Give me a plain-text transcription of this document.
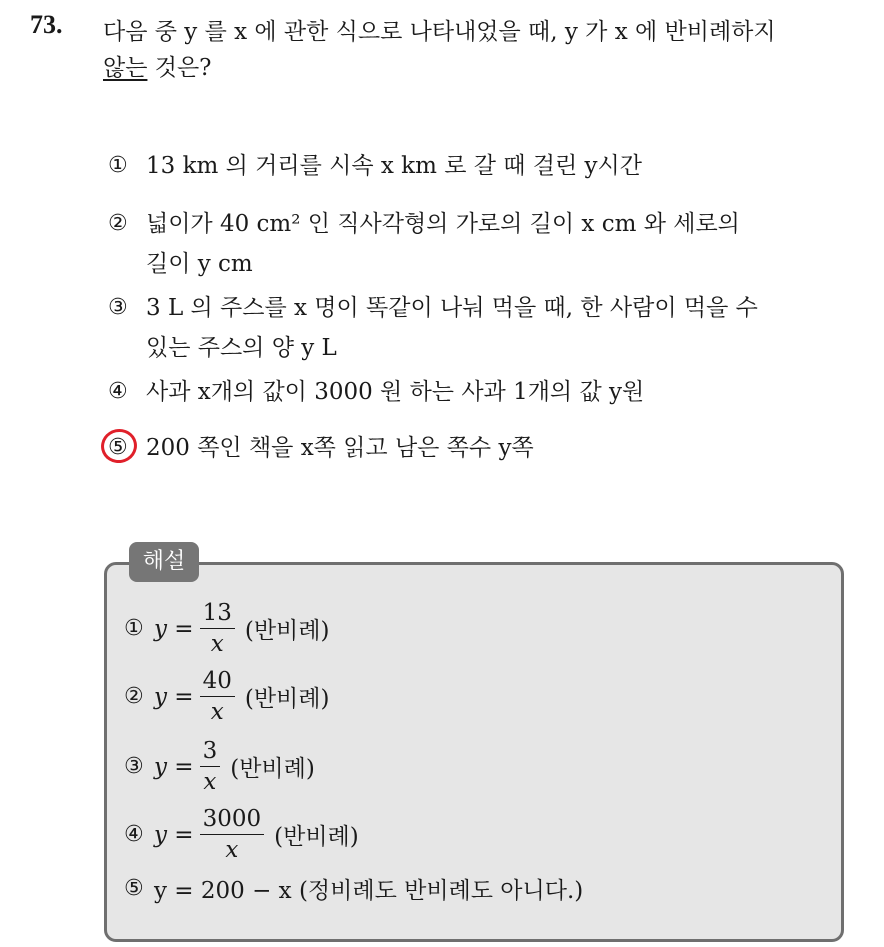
73. 다음 중 y 를 x 에 관한 식으로 나타내었을 때, y 가 x 에 반비례하지
않는 것은?
① 13 km 의 거리를 시속 x km 로 갈 때 걸린 y시간
② 넓이가 40 cm² 인 직사각형의 가로의 길이 x cm 와 세로의
길이 y cm
③ 3 L 의 주스를 x 명이 똑같이 나눠 먹을 때, 한 사람이 먹을 수
있는 주스의 양 y L
④ 사과 x개의 값이 3000 원 하는 사과 1개의 값 y원
⑤ 200 쪽인 책을 x쪽 읽고 남은 쪽수 y쪽
해설
① $y = \frac{13}{x}$ (반비례)
② $y = \frac{40}{x}$ (반비례)
③ $y = \frac{3}{x}$ (반비례)
④ $y = \frac{3000}{x}$ (반비례)
⑤ y = 200 − x (정비례도 반비례도 아니다.)
